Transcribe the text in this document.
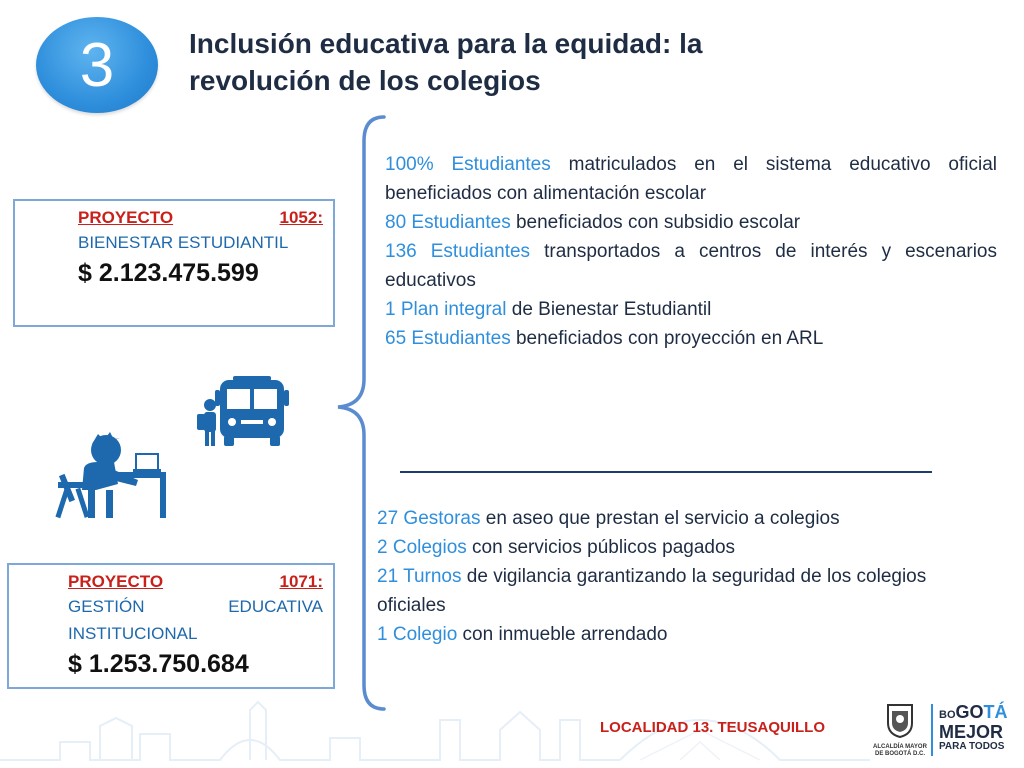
3	Inclusión educativa para la equidad: la revolución de los colegios
PROYECTO	1052:
BIENESTAR ESTUDIANTIL
$ 2.123.475.599
PROYECTO	1071:
GESTIÓN EDUCATIVA
INSTITUCIONAL
$ 1.253.750.684

100% Estudiantes matriculados en el sistema educativo oficial beneficiados con alimentación escolar

80 Estudiantes beneficiados con subsidio escolar

136 Estudiantes transportados a centros de interés y escenarios educativos

1 Plan integral de Bienestar Estudiantil

65 Estudiantes beneficiados con proyección en ARL

27 Gestoras en aseo que prestan el servicio a colegios

2 Colegios con servicios públicos pagados

21 Turnos de vigilancia garantizando la seguridad de los colegios oficiales

1 Colegio con inmueble arrendado

LOCALIDAD 13. TEUSAQUILLO
ALCALDÍA MAYOR
DE BOGOTÁ D.C.
BOGOTÁ
MEJOR
PARA TODOS
